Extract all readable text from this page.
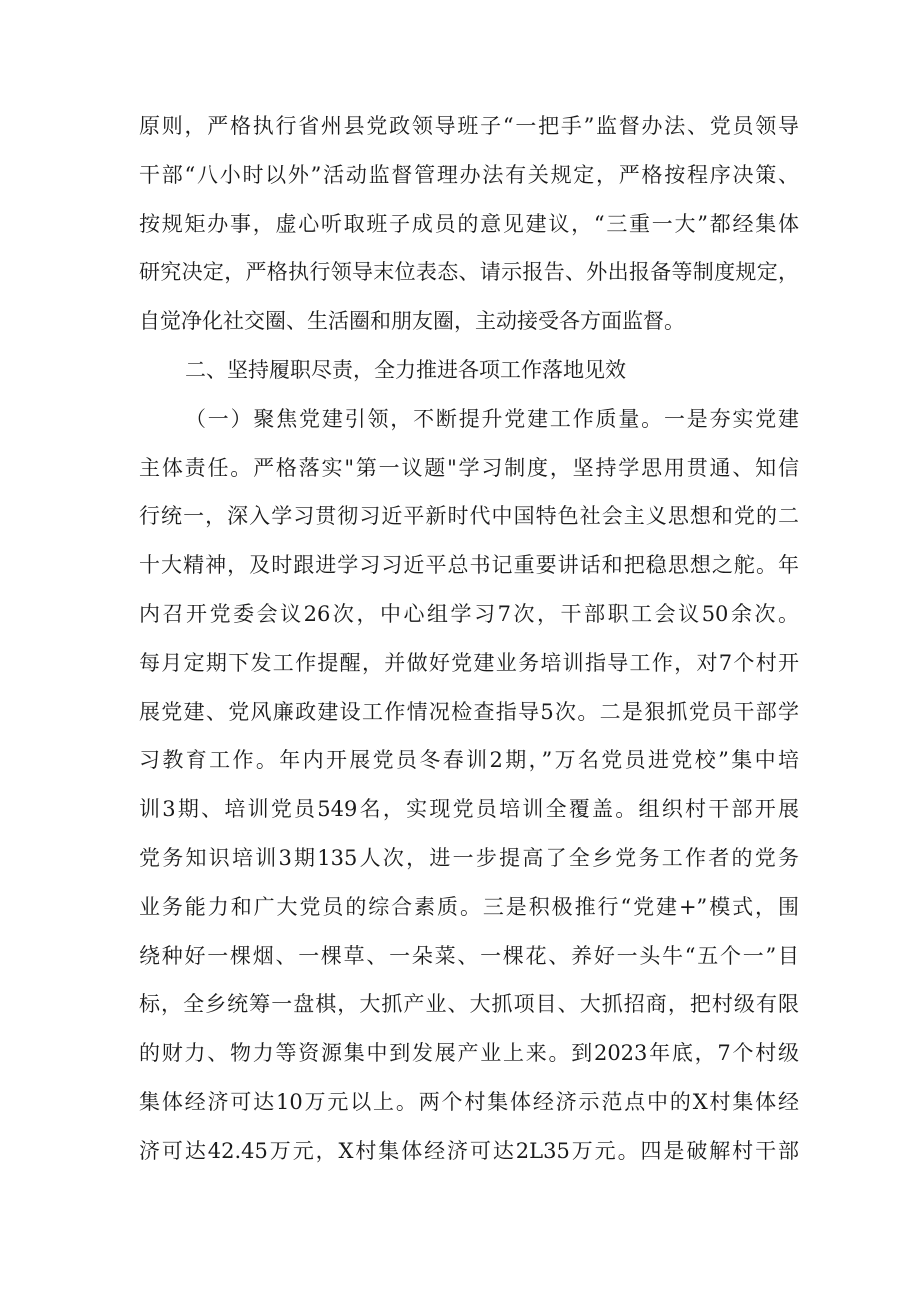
原则，严格执行省州县党政领导班子“一把手”监督办法、党员领导
干部“八小时以外”活动监督管理办法有关规定，严格按程序决策、
按规矩办事，虚心听取班子成员的意见建议，“三重一大”都经集体
研究决定，严格执行领导末位表态、请示报告、外出报备等制度规定，
自觉净化社交圈、生活圈和朋友圈，主动接受各方面监督。
二、坚持履职尽责，全力推进各项工作落地见效
（一）聚焦党建引领，不断提升党建工作质量。一是夯实党建
主体责任。严格落实"第一议题"学习制度，坚持学思用贯通、知信
行统一，深入学习贯彻习近平新时代中国特色社会主义思想和党的二
十大精神，及时跟进学习习近平总书记重要讲话和把稳思想之舵。年
内召开党委会议26次，中心组学习7次，干部职工会议50余次。
每月定期下发工作提醒，并做好党建业务培训指导工作，对7个村开
展党建、党风廉政建设工作情况检查指导5次。二是狠抓党员干部学
习教育工作。年内开展党员冬春训2期，”万名党员进党校”集中培
训3期、培训党员549名，实现党员培训全覆盖。组织村干部开展
党务知识培训3期135人次，进一步提高了全乡党务工作者的党务
业务能力和广大党员的综合素质。三是积极推行“党建+”模式，围
绕种好一棵烟、一棵草、一朵菜、一棵花、养好一头牛“五个一”目
标，全乡统筹一盘棋，大抓产业、大抓项目、大抓招商，把村级有限
的财力、物力等资源集中到发展产业上来。到2023年底，7个村级
集体经济可达10万元以上。两个村集体经济示范点中的X村集体经
济可达42.45万元，X村集体经济可达2L35万元。四是破解村干部
